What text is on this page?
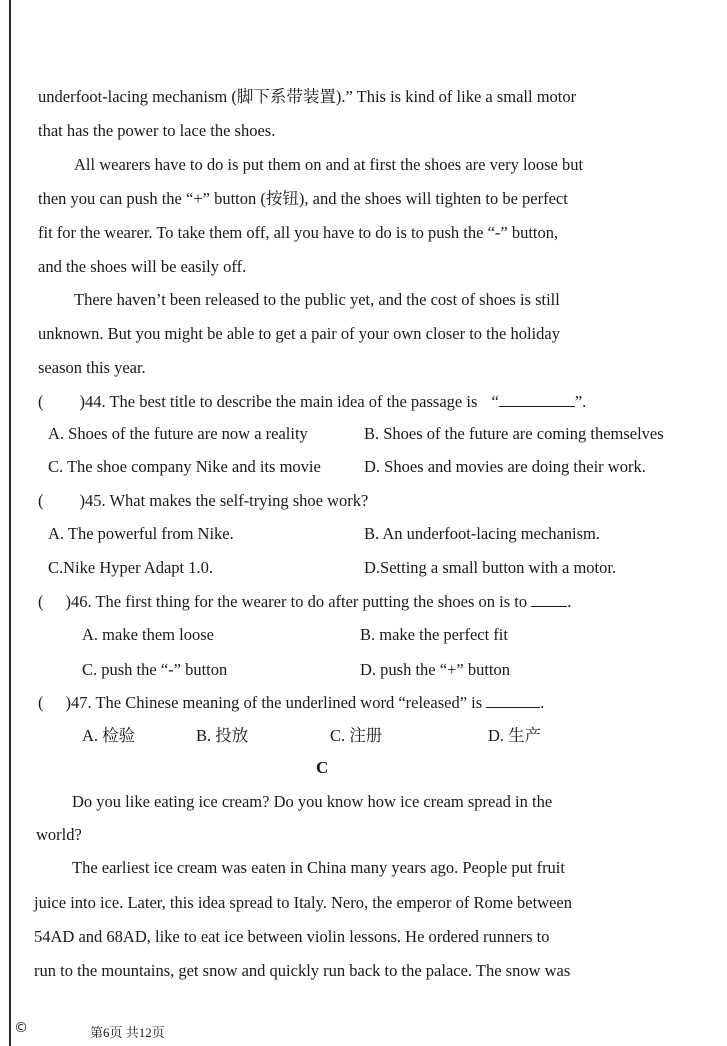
underfoot-lacing mechanism (脚下系带装置).” This is kind of like a small motor
that has the power to lace the shoes.
All wearers have to do is put them on and at first the shoes are very loose but
then you can push the “+” button (按钮), and the shoes will tighten to be perfect
fit for the wearer. To take them off, all you have to do is to push the “-” button,
and the shoes will be easily off.
There haven’t been released to the public yet, and the cost of shoes is still
unknown. But you might be able to get a pair of your own closer to the holiday
season this year.
( )44. The best title to describe the main idea of the passage is “	”.
A. Shoes of the future are now a reality	B. Shoes of the future are coming themselves
C. The shoe company Nike and its movie	D. Shoes and movies are doing their work.
( )45. What makes the self-trying shoe work?
A. The powerful from Nike.	B. An underfoot-lacing mechanism.
C.Nike Hyper Adapt 1.0.	D.Setting a small button with a motor.
( )46. The first thing for the wearer to do after putting the shoes on is to .
A. make them loose	B. make the perfect fit
C. push the “-” button	D. push the “+” button
( )47. The Chinese meaning of the underlined word “released” is	.
A. 检验	B. 投放	C. 注册	D. 生产
C
Do you like eating ice cream? Do you know how ice cream spread in the
world?
The earliest ice cream was eaten in China many years ago. People put fruit
juice into ice. Later, this idea spread to Italy. Nero, the emperor of Rome between
54AD and 68AD, like to eat ice between violin lessons. He ordered runners to
run to the mountains, get snow and quickly run back to the palace. The snow was
©	第6页 共12页
